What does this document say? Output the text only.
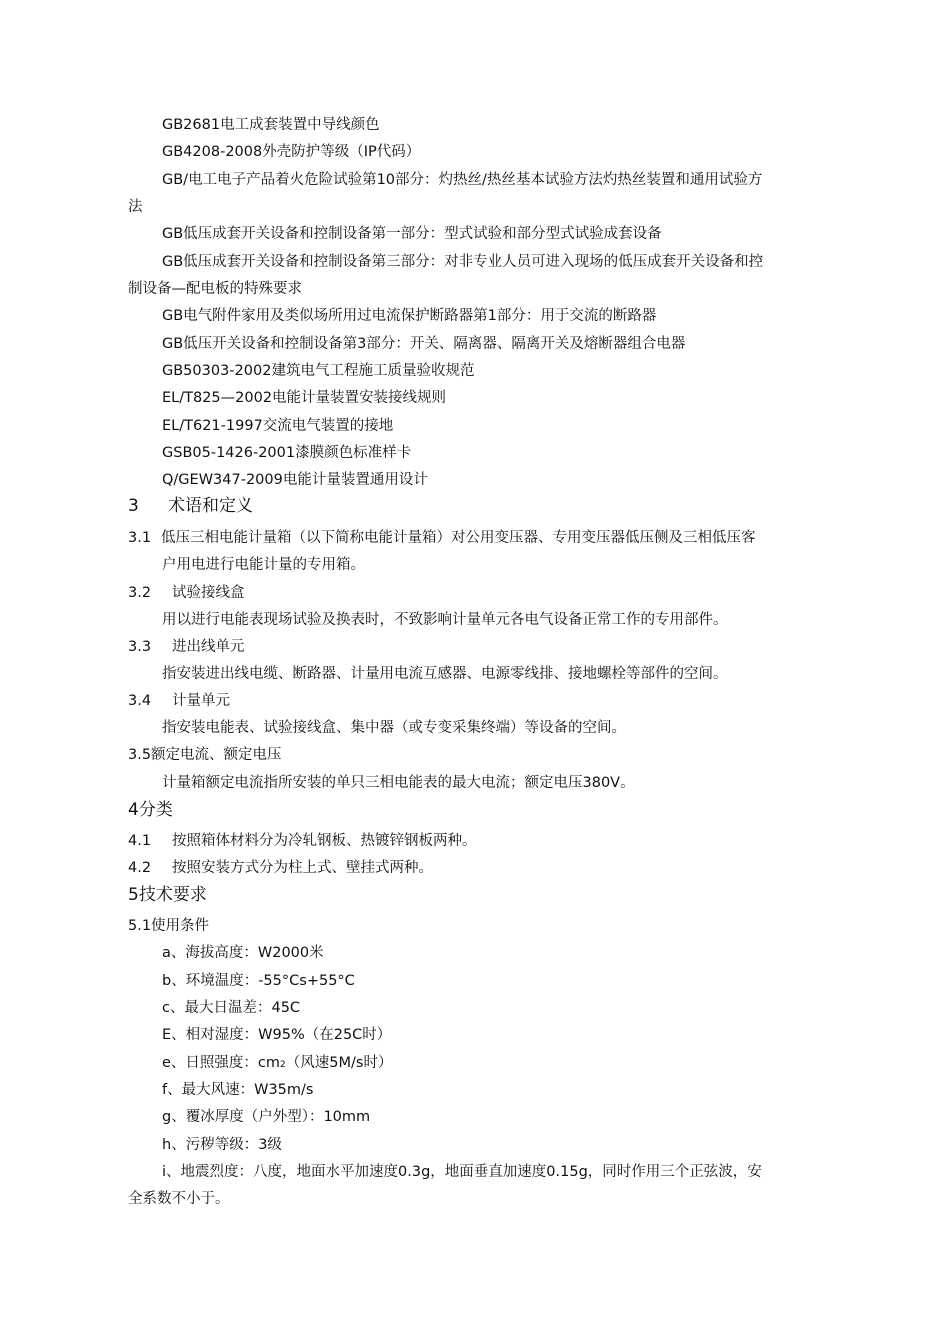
GB2681电工成套装置中导线颜色
GB4208-2008外壳防护等级（IP代码）
GB/电工电子产品着火危险试验第10部分：灼热丝/热丝基本试验方法灼热丝装置和通用试验方
法
GB低压成套开关设备和控制设备第一部分：型式试验和部分型式试验成套设备
GB低压成套开关设备和控制设备第三部分：对非专业人员可进入现场的低压成套开关设备和控
制设备—配电板的特殊要求
GB电气附件家用及类似场所用过电流保护断路器第1部分：用于交流的断路器
GB低压开关设备和控制设备第3部分：开关、隔离器、隔离开关及熔断器组合电器
GB50303-2002建筑电气工程施工质量验收规范
EL/T825—2002电能计量装置安装接线规则
EL/T621-1997交流电气装置的接地
GSB05-1426-2001漆膜颜色标准样卡
Q/GEW347-2009电能计量装置通用设计
3 术语和定义
3.1 低压三相电能计量箱（以下简称电能计量箱）对公用变压器、专用变压器低压侧及三相低压客
户用电进行电能计量的专用箱。
3.2 试验接线盒
用以进行电能表现场试验及换表时，不致影响计量单元各电气设备正常工作的专用部件。
3.3 进出线单元
指安装进出线电缆、断路器、计量用电流互感器、电源零线排、接地螺栓等部件的空间。
3.4 计量单元
指安装电能表、试验接线盒、集中器（或专变采集终端）等设备的空间。
3.5额定电流、额定电压
计量箱额定电流指所安装的单只三相电能表的最大电流；额定电压380V。
4分类
4.1 按照箱体材料分为冷轧钢板、热镀锌钢板两种。
4.2 按照安装方式分为柱上式、壁挂式两种。
5技术要求
5.1使用条件
a、海拔高度：W2000米
b、环境温度：-55°Cs+55°C
c、最大日温差：45C
E、相对湿度：W95%（在25C时）
e、日照强度：cm2（风速5M/s时）
f、最大风速：W35m/s
g、覆冰厚度（户外型）：10mm
h、污秽等级：3级
i、地震烈度：八度，地面水平加速度0.3g，地面垂直加速度0.15g，同时作用三个正弦波，安
全系数不小于。
